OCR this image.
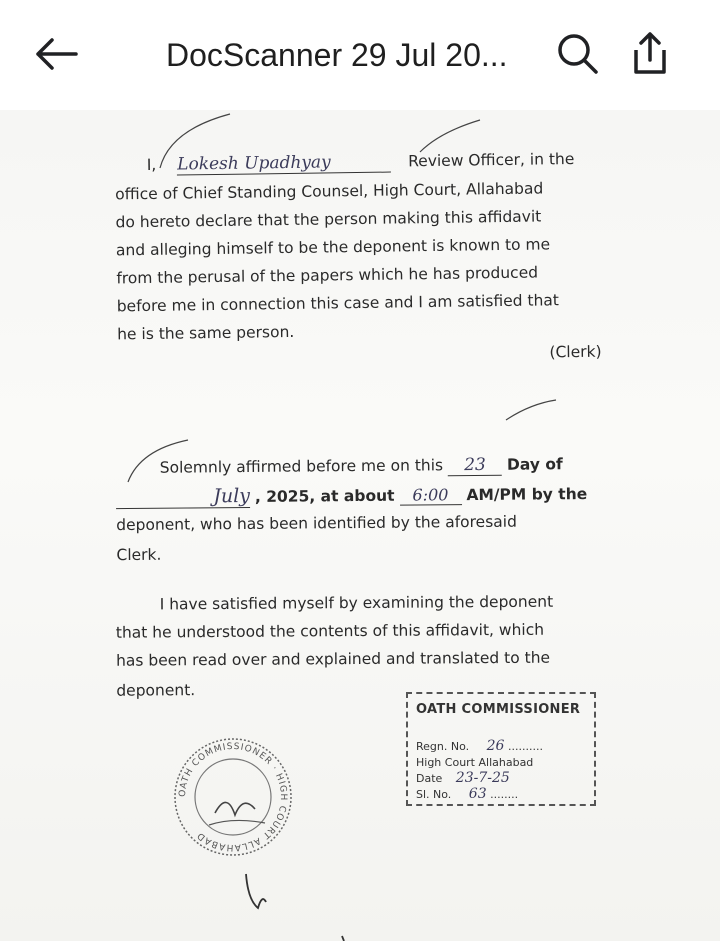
DocScanner 29 Jul 20...
I, Lokesh Upadhyay	Review Officer, in the
office of Chief Standing Counsel, High Court, Allahabad
do hereto declare that the person making this affidavit
and alleging himself to be the deponent is known to me
from the perusal of the papers which he has produced
before me in connection this case and I am satisfied that
he is the same person.
(Clerk)
Solemnly affirmed before me on this 23 Day of
July , 2025, at about 6:00 AM/PM by the
deponent, who has been identified by the aforesaid
Clerk.
I have satisfied myself by examining the deponent
that he understood the contents of this affidavit, which
has been read over and explained and translated to the
deponent.
OATH COMMISSIONER
Regn. No. 26 ..........
High Court Allahabad
Date 23-7-25
Sl. No. 63 ........
OATH COMMISSIONER · HIGH COURT ALLAHABAD
